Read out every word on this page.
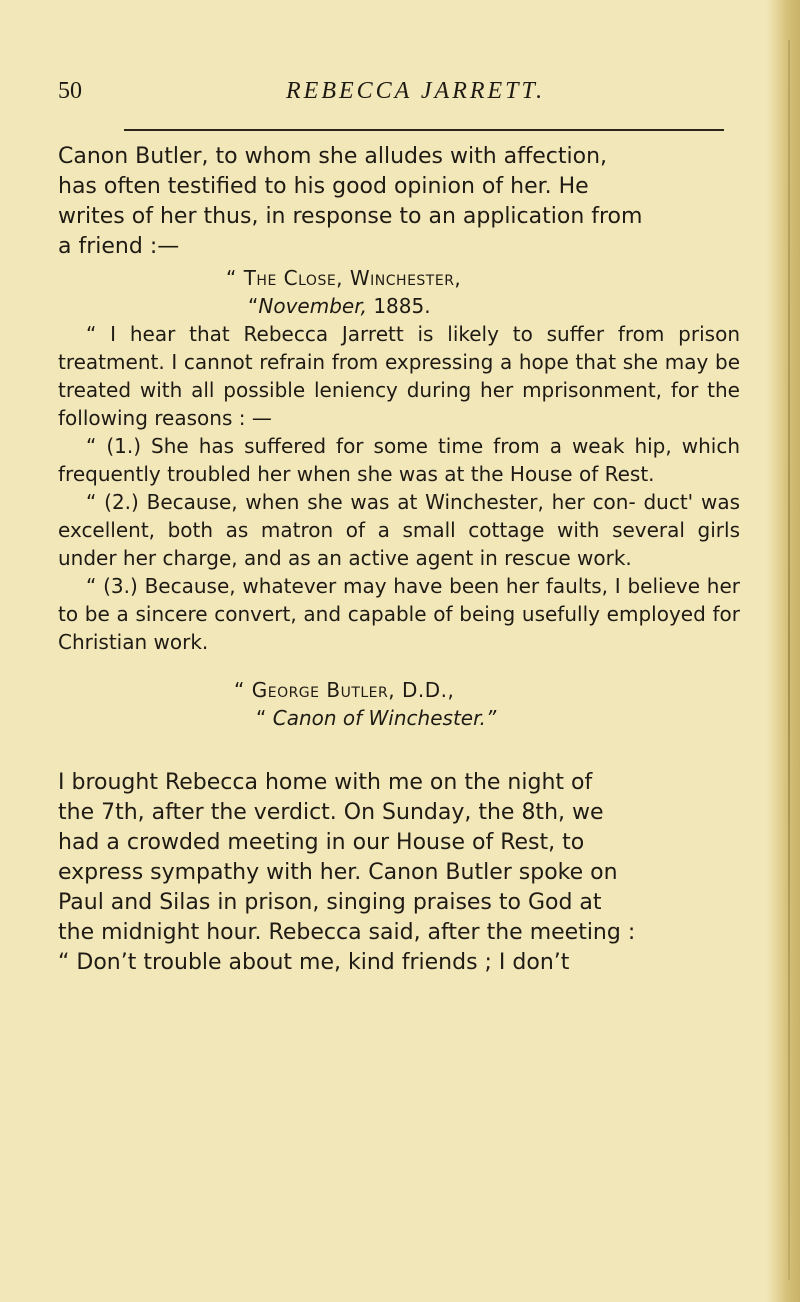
50	REBECCA JARRETT.

Canon Butler, to whom she alludes with affection,
has often testified to his good opinion of her. He
writes of her thus, in response to an application from
a friend :—

“ The Close, Winchester,

“November, 1885.

“ I hear that Rebecca Jarrett is likely to suffer from prison treatment. I cannot refrain from expressing a hope that she may be treated with all possible leniency during her mprisonment, for the following reasons : —

“ (1.) She has suffered for some time from a weak hip, which frequently troubled her when she was at the House of Rest.

“ (2.) Because, when she was at Winchester, her con- duct' was excellent, both as matron of a small cottage with several girls under her charge, and as an active agent in rescue work.

“ (3.) Because, whatever may have been her faults, I believe her to be a sincere convert, and capable of being usefully employed for Christian work.

“ George Butler, D.D.,

“ Canon of Winchester.”

I brought Rebecca home with me on the night of
the 7th, after the verdict. On Sunday, the 8th, we
had a crowded meeting in our House of Rest, to
express sympathy with her. Canon Butler spoke on
Paul and Silas in prison, singing praises to God at
the midnight hour. Rebecca said, after the meeting :
“ Don’t trouble about me, kind friends ; I don’t
